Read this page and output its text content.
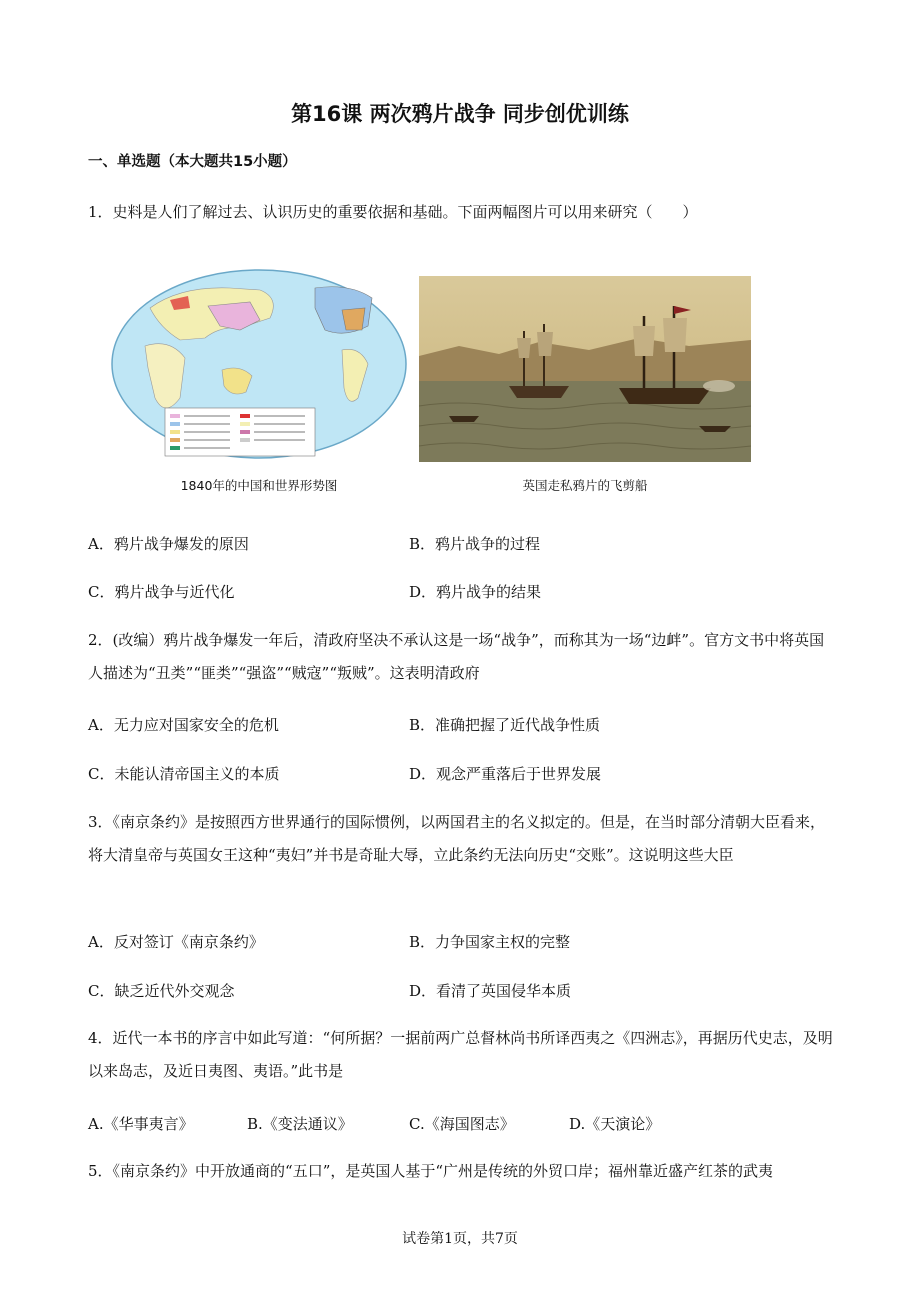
第16课 两次鸦片战争 同步创优训练
一、单选题（本大题共15小题）
1．史料是人们了解过去、认识历史的重要依据和基础。下面两幅图片可以用来研究（　　）
1840年的中国和世界形势图	英国走私鸦片的飞剪船
A．鸦片战争爆发的原因	B．鸦片战争的过程
C．鸦片战争与近代化	D．鸦片战争的结果
2．(改编）鸦片战争爆发一年后，清政府坚决不承认这是一场“战争”，而称其为一场“边衅”。官方文书中将英国人描述为“丑类”“匪类”“强盗”“贼寇”“叛贼”。这表明清政府
A．无力应对国家安全的危机	B．准确把握了近代战争性质
C．未能认清帝国主义的本质	D．观念严重落后于世界发展
3．《南京条约》是按照西方世界通行的国际惯例，以两国君主的名义拟定的。但是，在当时部分清朝大臣看来，将大清皇帝与英国女王这种“夷妇”并书是奇耻大辱，立此条约无法向历史“交账”。这说明这些大臣
A．反对签订《南京条约》	B．力争国家主权的完整
C．缺乏近代外交观念	D．看清了英国侵华本质
4．近代一本书的序言中如此写道：“何所据？一据前两广总督林尚书所译西夷之《四洲志》，再据历代史志，及明以来岛志，及近日夷图、夷语。”此书是
A.《华事夷言》	B.《变法通议》	C.《海国图志》	D.《天演论》
5．《南京条约》中开放通商的“五口”，是英国人基于“广州是传统的外贸口岸；福州靠近盛产红茶的武夷
试卷第1页，共7页
